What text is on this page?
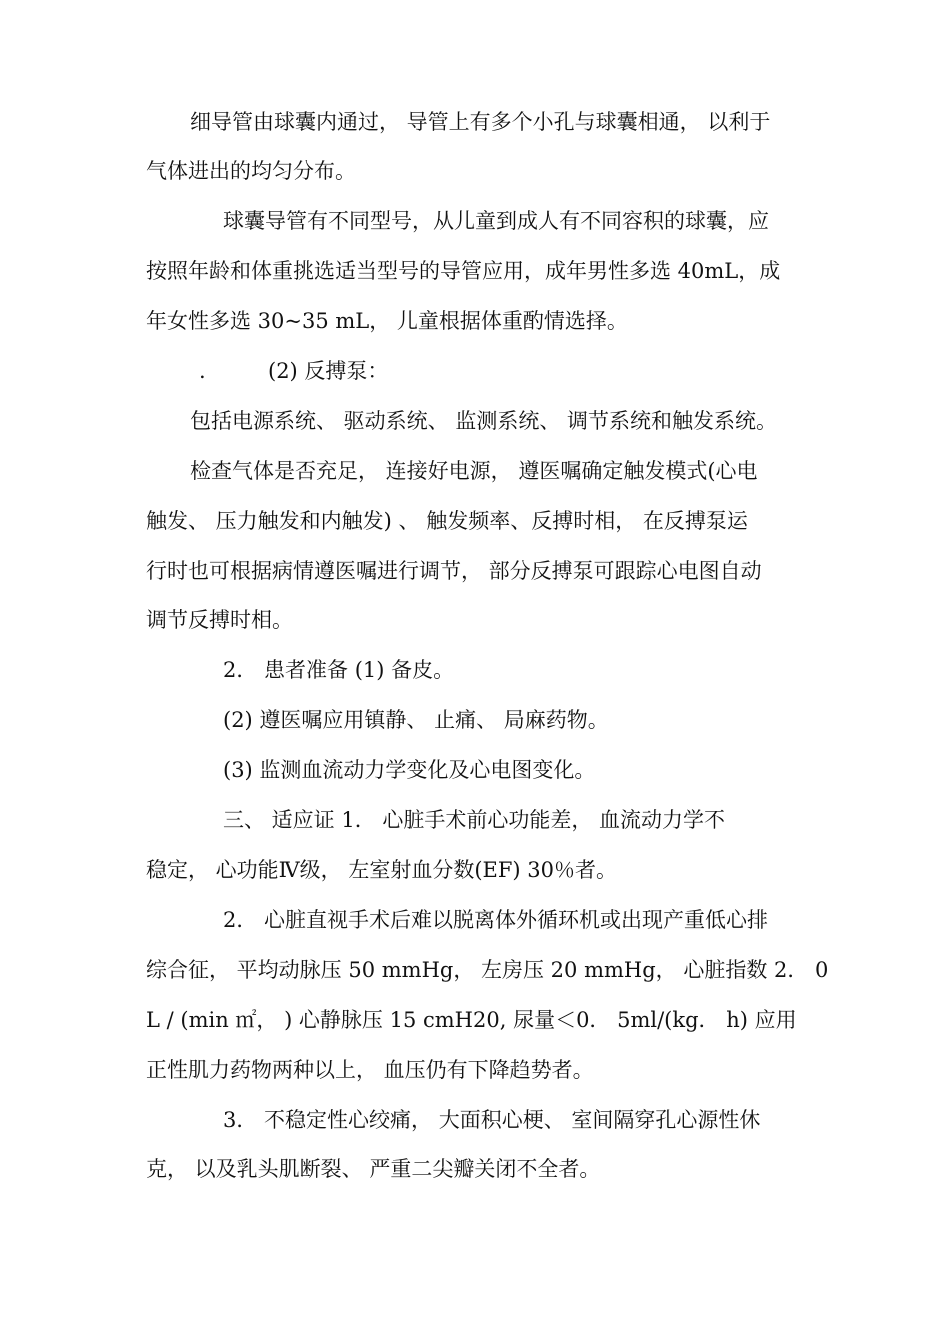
细导管由球囊内通过， 导管上有多个小孔与球囊相通， 以利于
气体进出的均匀分布。
球囊导管有不同型号，从儿童到成人有不同容积的球囊，应
按照年龄和体重挑选适当型号的导管应用，成年男性多选 40mL，成
年女性多选 30~35 mL， 儿童根据体重酌情选择。
.	(2) 反搏泵：
包括电源系统、 驱动系统、 监测系统、 调节系统和触发系统。
检查气体是否充足， 连接好电源， 遵医嘱确定触发模式(心电
触发、 压力触发和内触发) 、 触发频率、反搏时相， 在反搏泵运
行时也可根据病情遵医嘱进行调节， 部分反搏泵可跟踪心电图自动
调节反搏时相。
2． 患者准备 (1) 备皮。
(2) 遵医嘱应用镇静、 止痛、 局麻药物。
(3) 监测血流动力学变化及心电图变化。
三、 适应证 1． 心脏手术前心功能差， 血流动力学不
稳定， 心功能Ⅳ级， 左室射血分数(EF) 30％者。
2． 心脏直视手术后难以脱离体外循环机或出现产重低心排
综合征， 平均动脉压 50 mmHg， 左房压 20 mmHg， 心脏指数 2． 0
L / (min ㎡， ) 心静脉压 15 cmH20, 尿量＜0． 5ml/(kg． h) 应用
正性肌力药物两种以上， 血压仍有下降趋势者。
3． 不稳定性心绞痛， 大面积心梗、 室间隔穿孔心源性休
克， 以及乳头肌断裂、 严重二尖瓣关闭不全者。
